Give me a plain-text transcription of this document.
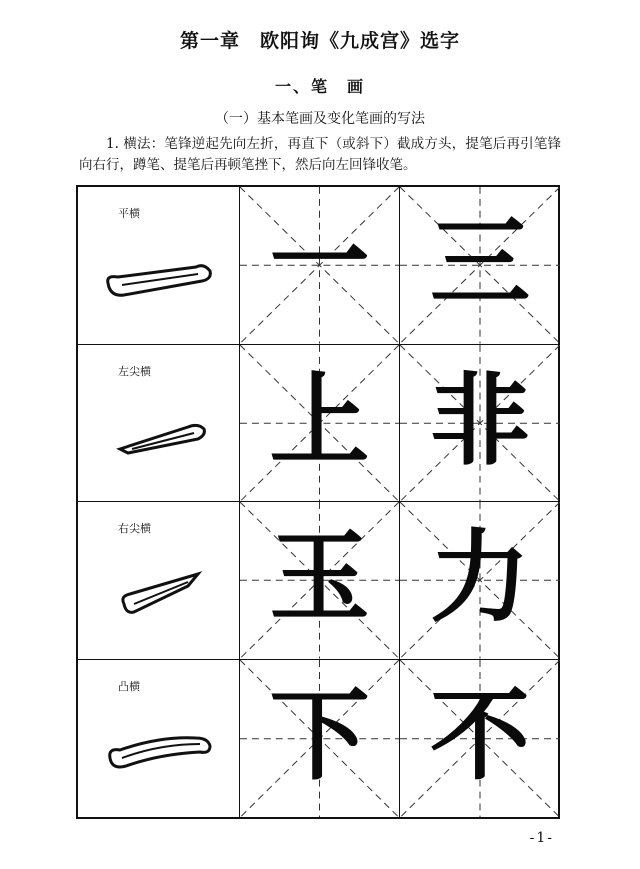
第一章　欧阳询《九成宫》选字
一、笔　画
（一）基本笔画及变化笔画的写法
1. 横法：笔锋逆起先向左折，再直下（或斜下）截成方头，提笔后再引笔锋向右行，蹲笔、提笔后再顿笔挫下，然后向左回锋收笔。
平横 一 三
左尖横 上 非
右尖横 玉 力
凸横 下 不
-1-
